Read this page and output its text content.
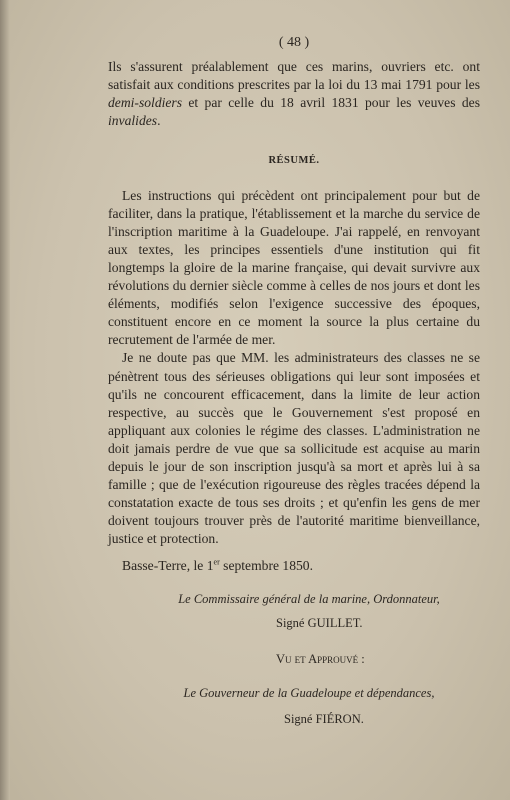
( 48 )

Ils s'assurent préalablement que ces marins, ouvriers etc. ont satisfait aux conditions prescrites par la loi du 13 mai 1791 pour les demi-soldiers et par celle du 18 avril 1831 pour les veuves des invalides.

RÉSUMÉ.

Les instructions qui précèdent ont principalement pour but de faciliter, dans la pratique, l'établissement et la marche du service de l'inscription maritime à la Guadeloupe. J'ai rappelé, en renvoyant aux textes, les principes essentiels d'une institution qui fit longtemps la gloire de la marine française, qui devait survivre aux révolutions du dernier siècle comme à celles de nos jours et dont les éléments, modifiés selon l'exigence successive des époques, constituent encore en ce moment la source la plus certaine du recrutement de l'armée de mer.

Je ne doute pas que MM. les administrateurs des classes ne se pénètrent tous des sérieuses obligations qui leur sont imposées et qu'ils ne concourent efficacement, dans la limite de leur action respective, au succès que le Gouvernement s'est proposé en appliquant aux colonies le régime des classes. L'administration ne doit jamais perdre de vue que sa sollicitude est acquise au marin depuis le jour de son inscription jusqu'à sa mort et après lui à sa famille ; que de l'exécution rigoureuse des règles tracées dépend la constatation exacte de tous ses droits ; et qu'enfin les gens de mer doivent toujours trouver près de l'autorité maritime bienveillance, justice et protection.

Basse-Terre, le 1er septembre 1850.

Le Commissaire général de la marine, Ordonnateur,
Signé GUILLET.
Vu et Approuvé :
Le Gouverneur de la Guadeloupe et dépendances,
Signé FIÉRON.
